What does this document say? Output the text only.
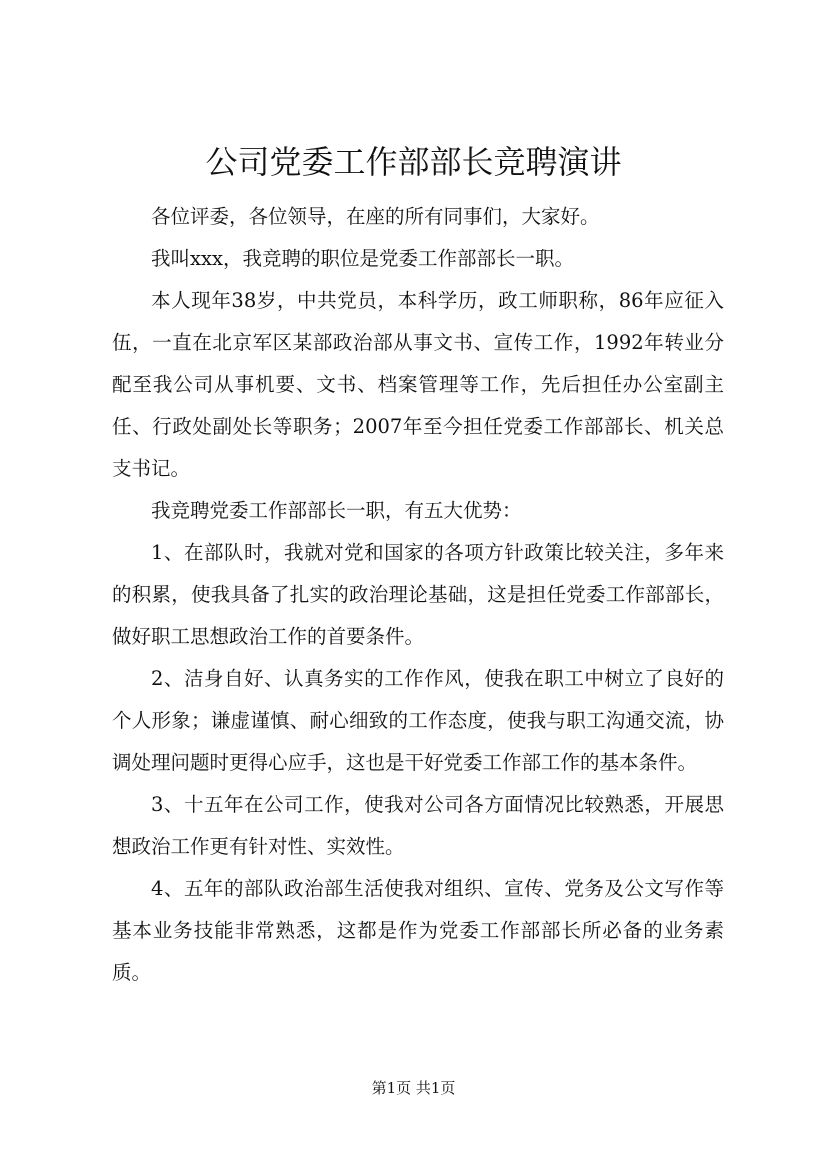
公司党委工作部部长竞聘演讲

各位评委，各位领导，在座的所有同事们，大家好。

我叫xxx，我竞聘的职位是党委工作部部长一职。

本人现年38岁，中共党员，本科学历，政工师职称，86年应征入伍，一直在北京军区某部政治部从事文书、宣传工作，1992年转业分配至我公司从事机要、文书、档案管理等工作，先后担任办公室副主任、行政处副处长等职务；2007年至今担任党委工作部部长、机关总支书记。

我竞聘党委工作部部长一职，有五大优势：

1、在部队时，我就对党和国家的各项方针政策比较关注，多年来的积累，使我具备了扎实的政治理论基础，这是担任党委工作部部长，做好职工思想政治工作的首要条件。

2、洁身自好、认真务实的工作作风，使我在职工中树立了良好的个人形象；谦虚谨慎、耐心细致的工作态度，使我与职工沟通交流，协调处理问题时更得心应手，这也是干好党委工作部工作的基本条件。

3、十五年在公司工作，使我对公司各方面情况比较熟悉，开展思想政治工作更有针对性、实效性。

4、五年的部队政治部生活使我对组织、宣传、党务及公文写作等基本业务技能非常熟悉，这都是作为党委工作部部长所必备的业务素质。

第1页 共1页
